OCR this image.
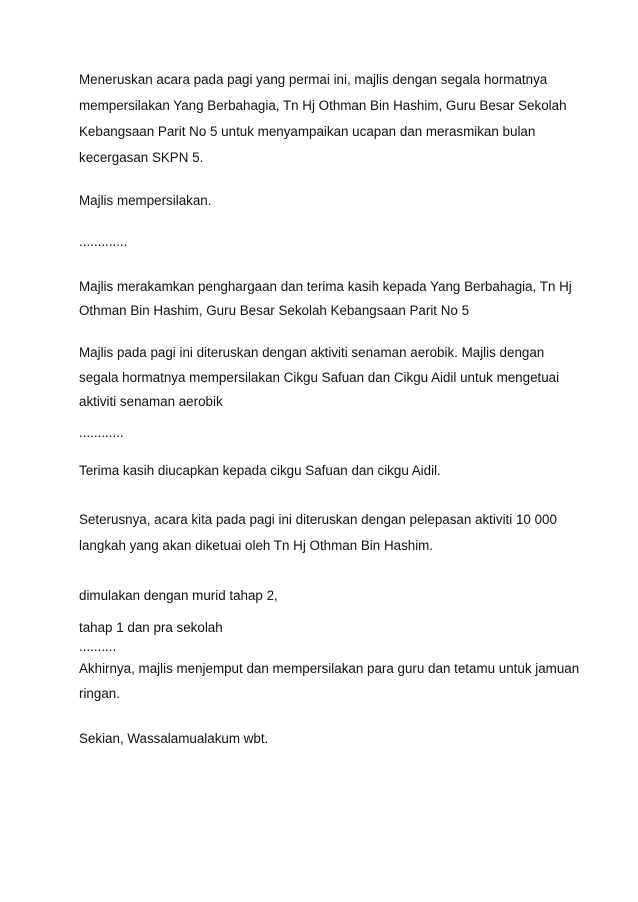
Meneruskan acara pada pagi yang permai ini, majlis dengan segala hormatnya
mempersilakan Yang Berbahagia, Tn Hj Othman Bin Hashim, Guru Besar Sekolah
Kebangsaan Parit No 5 untuk menyampaikan ucapan dan merasmikan bulan
kecergasan SKPN 5.
Majlis mempersilakan.
.............
Majlis merakamkan penghargaan dan terima kasih kepada Yang Berbahagia, Tn Hj
Othman Bin Hashim, Guru Besar Sekolah Kebangsaan Parit No 5
Majlis pada pagi ini diteruskan dengan aktiviti senaman aerobik. Majlis dengan
segala hormatnya mempersilakan Cikgu Safuan dan Cikgu Aidil untuk mengetuai
aktiviti senaman aerobik
............
Terima kasih diucapkan kepada cikgu Safuan dan cikgu Aidil.
Seterusnya, acara kita pada pagi ini diteruskan dengan pelepasan aktiviti 10 000
langkah yang akan diketuai oleh Tn Hj Othman Bin Hashim.
dimulakan dengan murid tahap 2,
tahap 1 dan pra sekolah
..........
Akhirnya, majlis menjemput dan mempersilakan para guru dan tetamu untuk jamuan
ringan.
Sekian, Wassalamualakum wbt.
